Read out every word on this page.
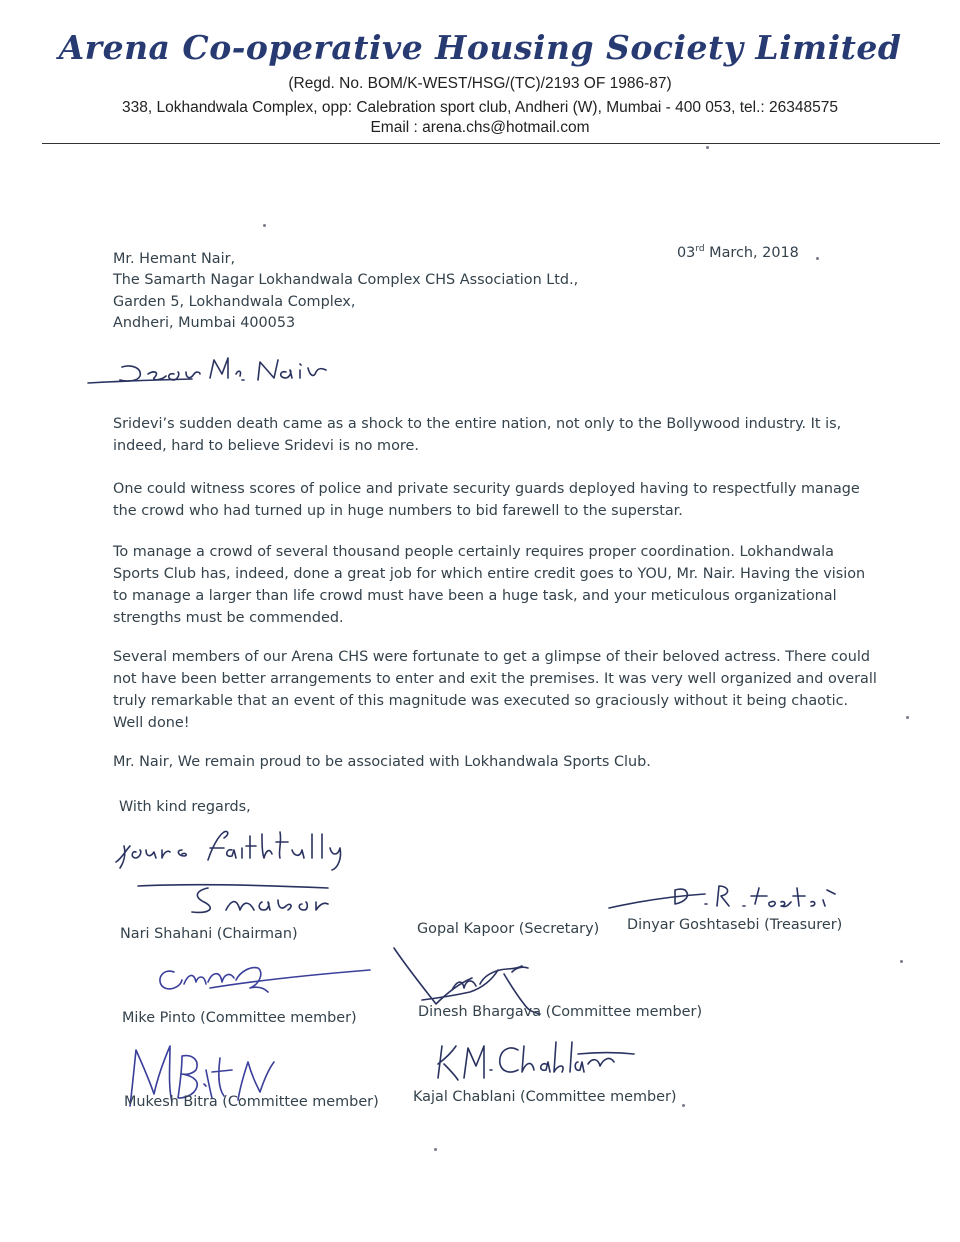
Arena Co-operative Housing Society Limited
(Regd. No. BOM/K-WEST/HSG/(TC)/2193 OF 1986-87)
338, Lokhandwala Complex, opp: Calebration sport club, Andheri (W), Mumbai - 400 053, tel.: 26348575
Email : arena.chs@hotmail.com
03rd March, 2018
Mr. Hemant Nair,
The Samarth Nagar Lokhandwala Complex CHS Association Ltd.,
Garden 5, Lokhandwala Complex,
Andheri, Mumbai 400053
Sridevi’s sudden death came as a shock to the entire nation, not only to the Bollywood industry. It is,
indeed, hard to believe Sridevi is no more.
One could witness scores of police and private security guards deployed having to respectfully manage
the crowd who had turned up in huge numbers to bid farewell to the superstar.
To manage a crowd of several thousand people certainly requires proper coordination. Lokhandwala
Sports Club has, indeed, done a great job for which entire credit goes to YOU, Mr. Nair. Having the vision
to manage a larger than life crowd must have been a huge task, and your meticulous organizational
strengths must be commended.
Several members of our Arena CHS were fortunate to get a glimpse of their beloved actress. There could
not have been better arrangements to enter and exit the premises. It was very well organized and overall
truly remarkable that an event of this magnitude was executed so graciously without it being chaotic.
Well done!
Mr. Nair, We remain proud to be associated with Lokhandwala Sports Club.
With kind regards,
Nari Shahani (Chairman)	Gopal Kapoor (Secretary) Dinyar Goshtasebi (Treasurer)
Mike Pinto (Committee member)	Dinesh Bhargava (Committee member)
Mukesh Bitra (Committee member) Kajal Chablani (Committee member)
